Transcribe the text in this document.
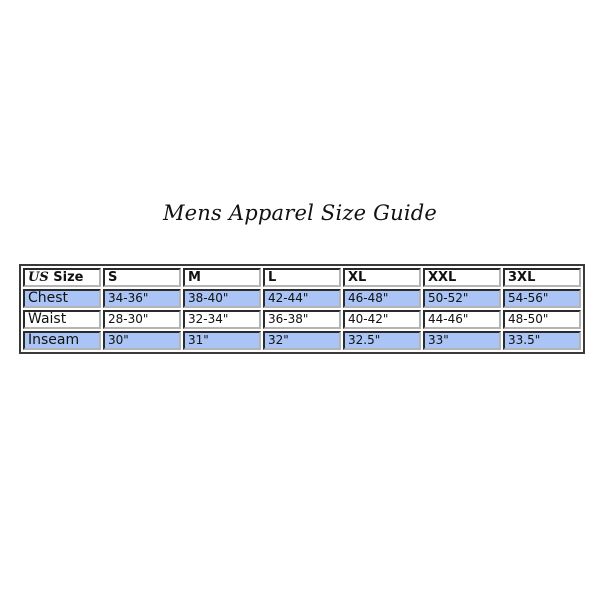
Mens Apparel Size Guide
US Size	S	M	L	XL	XXL	3XL
Chest	34-36"	38-40"	42-44"	46-48"	50-52"	54-56"
Waist	28-30"	32-34"	36-38"	40-42"	44-46"	48-50"
Inseam	30"	31"	32"	32.5"	33"	33.5"
